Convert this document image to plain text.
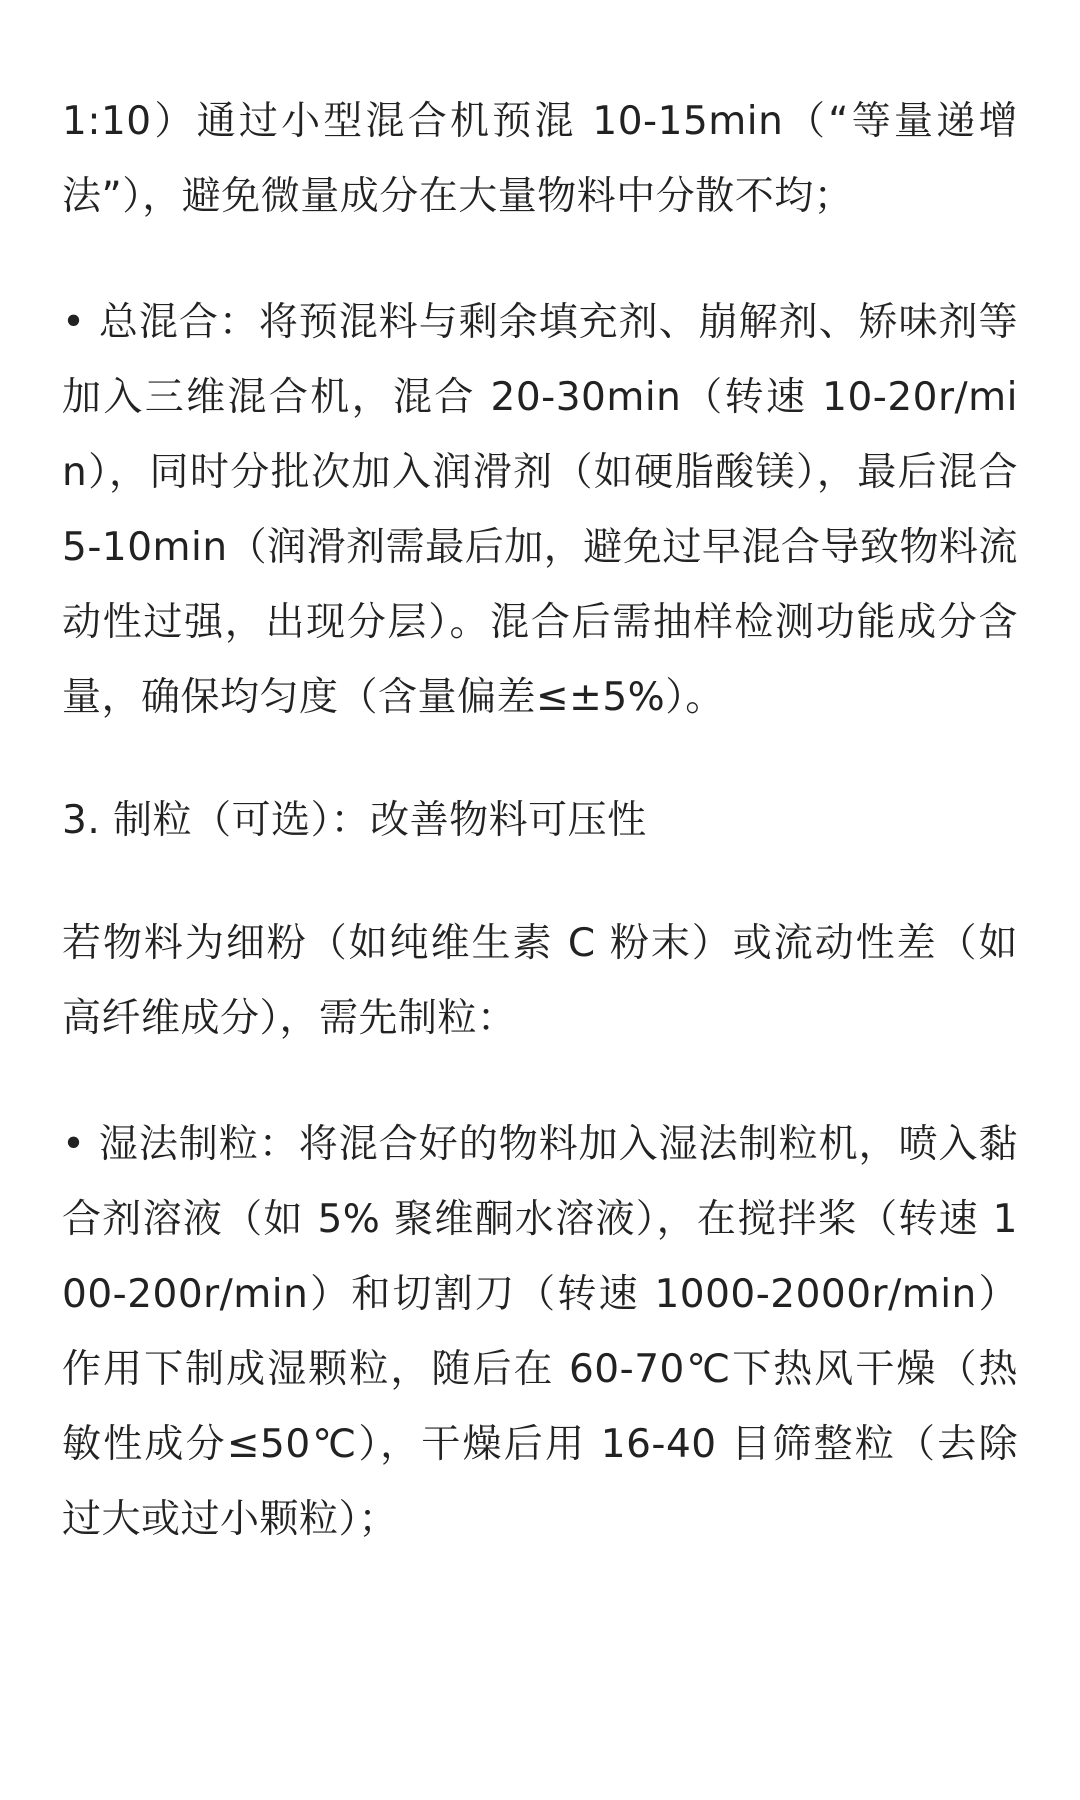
1:10）通过小型混合机预混 10-15min（“等量递增法”），避免微量成分在大量物料中分散不均；

• 总混合：将预混料与剩余填充剂、崩解剂、矫味剂等加入三维混合机，混合 20-30min（转速 10-20r/min），同时分批次加入润滑剂（如硬脂酸镁），最后混合 5-10min（润滑剂需最后加，避免过早混合导致物料流动性过强，出现分层）。混合后需抽样检测功能成分含量，确保均匀度（含量偏差≤±5%）。

3. 制粒（可选）：改善物料可压性

若物料为细粉（如纯维生素 C 粉末）或流动性差（如高纤维成分），需先制粒：

• 湿法制粒：将混合好的物料加入湿法制粒机，喷入黏合剂溶液（如 5% 聚维酮水溶液），在搅拌桨（转速 100-200r/min）和切割刀（转速 1000-2000r/min）作用下制成湿颗粒，随后在 60-70℃下热风干燥（热敏性成分≤50℃），干燥后用 16-40 目筛整粒（去除过大或过小颗粒）；
